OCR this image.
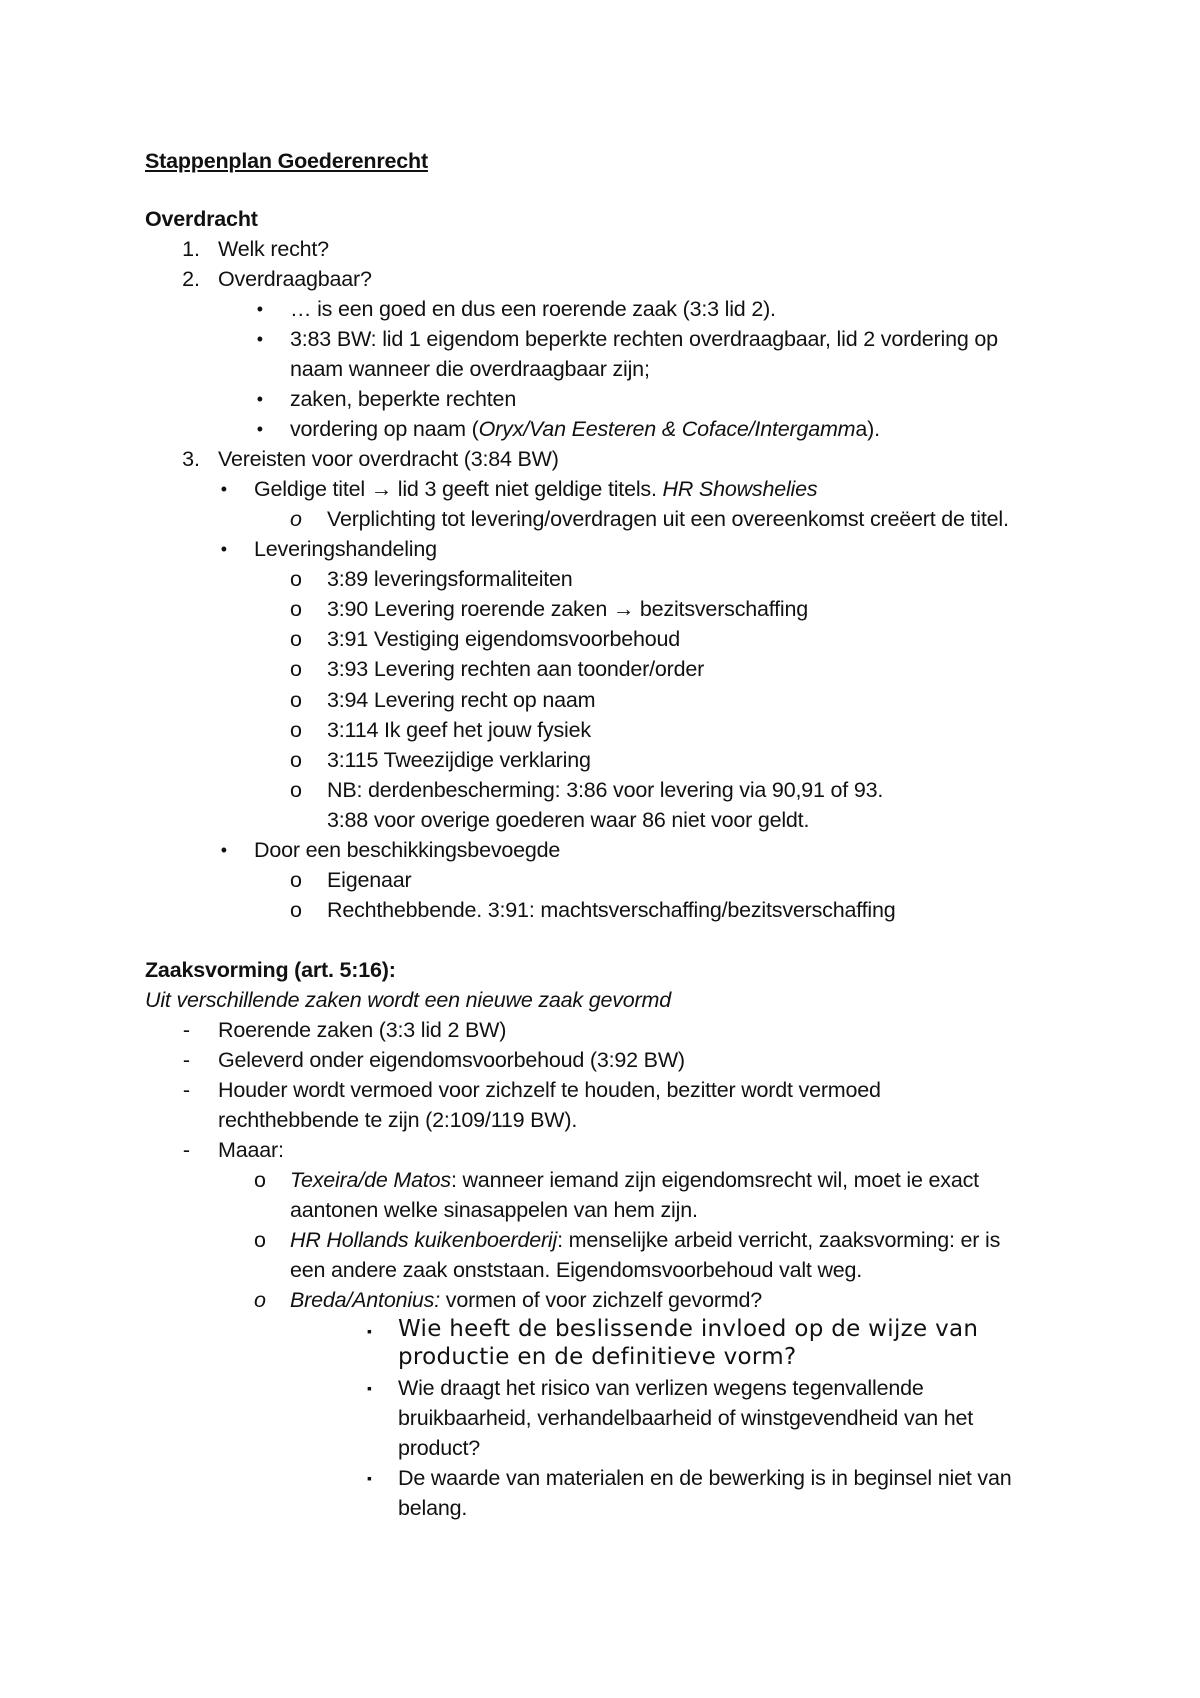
Stappenplan Goederenrecht
Overdracht
1. Welk recht?
2. Overdraagbaar?
• … is een goed en dus een roerende zaak (3:3 lid 2).
• 3:83 BW: lid 1 eigendom beperkte rechten overdraagbaar, lid 2 vordering op
naam wanneer die overdraagbaar zijn;
• zaken, beperkte rechten
• vordering op naam (Oryx/Van Eesteren & Coface/Intergamma).
3. Vereisten voor overdracht (3:84 BW)
• Geldige titel → lid 3 geeft niet geldige titels. HR Showshelies
o Verplichting tot levering/overdragen uit een overeenkomst creëert de titel.
• Leveringshandeling
o 3:89 leveringsformaliteiten
o 3:90 Levering roerende zaken → bezitsverschaffing
o 3:91 Vestiging eigendomsvoorbehoud
o 3:93 Levering rechten aan toonder/order
o 3:94 Levering recht op naam
o 3:114 Ik geef het jouw fysiek
o 3:115 Tweezijdige verklaring
o NB: derdenbescherming: 3:86 voor levering via 90,91 of 93.
3:88 voor overige goederen waar 86 niet voor geldt.
• Door een beschikkingsbevoegde
o Eigenaar
o Rechthebbende. 3:91: machtsverschaffing/bezitsverschaffing
Zaaksvorming (art. 5:16):
Uit verschillende zaken wordt een nieuwe zaak gevormd
- Roerende zaken (3:3 lid 2 BW)
- Geleverd onder eigendomsvoorbehoud (3:92 BW)
- Houder wordt vermoed voor zichzelf te houden, bezitter wordt vermoed
rechthebbende te zijn (2:109/119 BW).
- Maaar:
o Texeira/de Matos: wanneer iemand zijn eigendomsrecht wil, moet ie exact
aantonen welke sinasappelen van hem zijn.
o HR Hollands kuikenboerderij: menselijke arbeid verricht, zaaksvorming: er is
een andere zaak onststaan. Eigendomsvoorbehoud valt weg.
o Breda/Antonius: vormen of voor zichzelf gevormd?
▪ Wie heeft de beslissende invloed op de wijze van
productie en de definitieve vorm?
▪ Wie draagt het risico van verlizen wegens tegenvallende
bruikbaarheid, verhandelbaarheid of winstgevendheid van het
product?
▪ De waarde van materialen en de bewerking is in beginsel niet van
belang.
